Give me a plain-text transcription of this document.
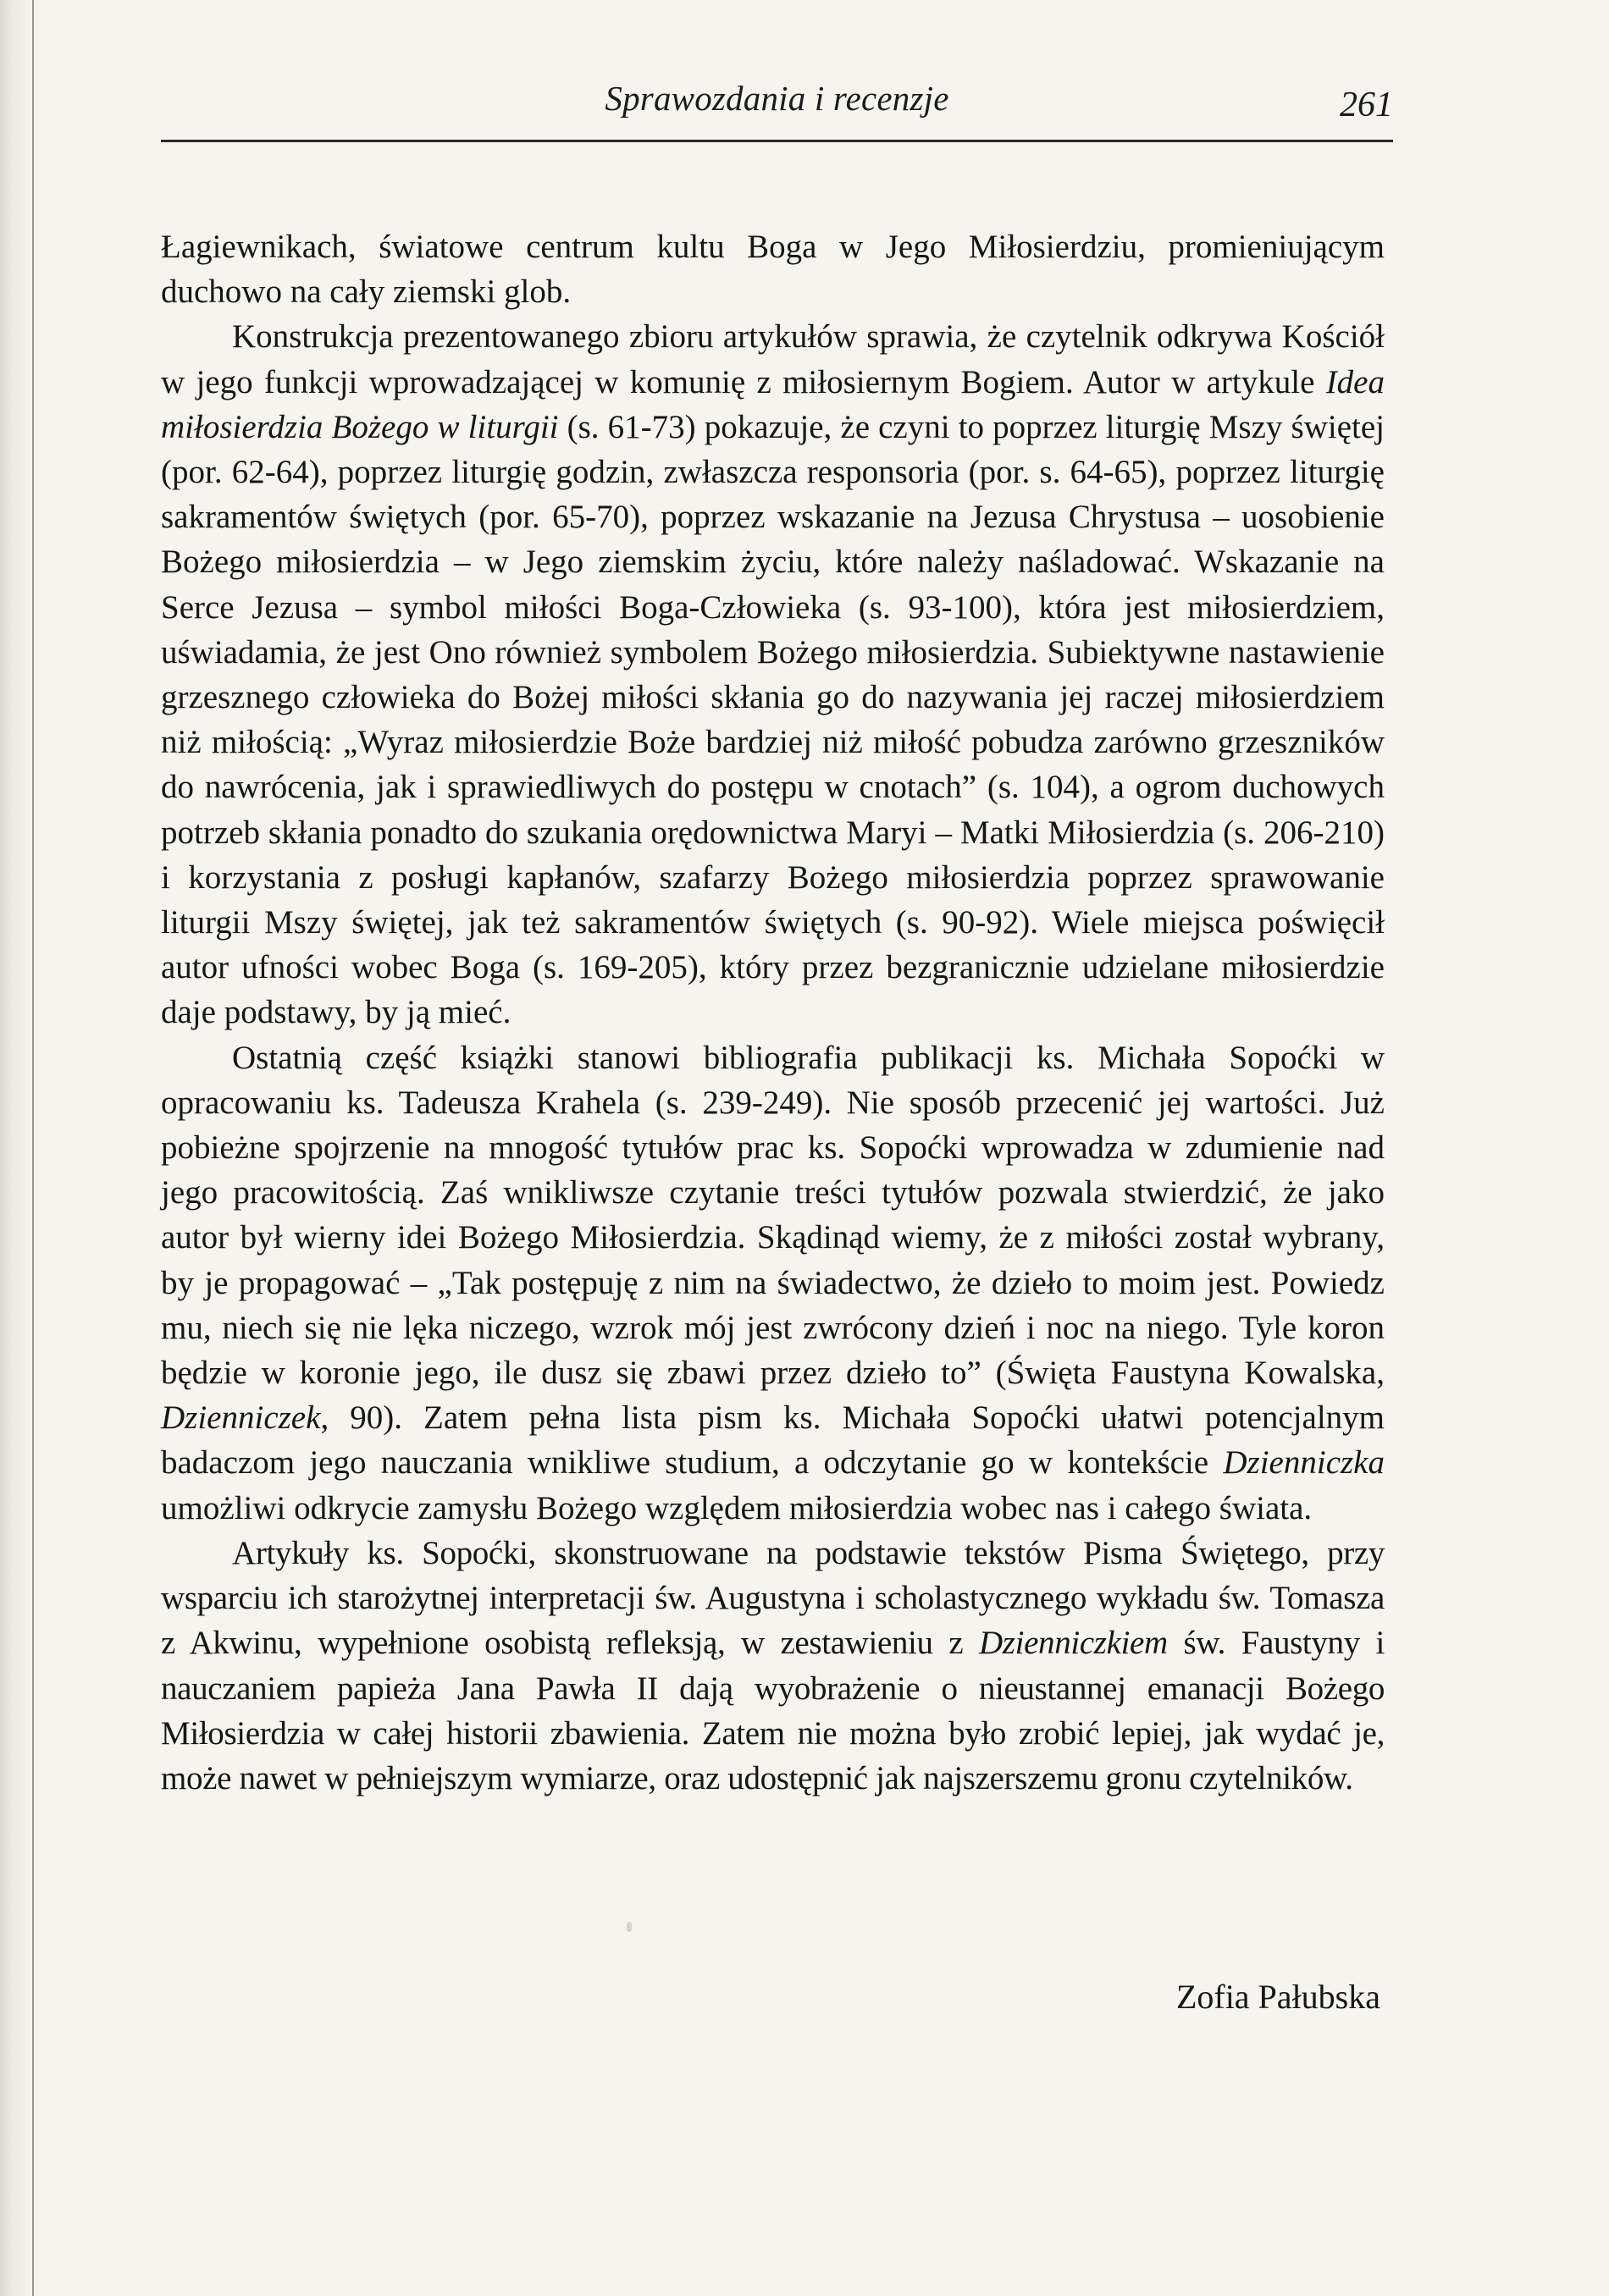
Sprawozdania i recenzje	261

Łagiewnikach, światowe centrum kultu Boga w Jego Miłosierdziu, promieniującym duchowo na cały ziemski glob.

Konstrukcja prezentowanego zbioru artykułów sprawia, że czytelnik odkrywa Kościół w jego funkcji wprowadzającej w komunię z miłosiernym Bogiem. Autor w artykule Idea miłosierdzia Bożego w liturgii (s. 61-73) pokazuje, że czyni to poprzez liturgię Mszy świętej (por. 62-64), poprzez liturgię godzin, zwłaszcza responsoria (por. s. 64-65), poprzez liturgię sakramentów świętych (por. 65-70), poprzez wskazanie na Jezusa Chrystusa – uosobienie Bożego miłosierdzia – w Jego ziemskim życiu, które należy naśladować. Wskazanie na Serce Jezusa – symbol miłości Boga-Człowieka (s. 93-100), która jest miłosierdziem, uświadamia, że jest Ono również symbolem Bożego miłosierdzia. Subiektywne nastawienie grzesznego człowieka do Bożej miłości skłania go do nazywania jej raczej miłosierdziem niż miłością: „Wyraz miłosierdzie Boże bardziej niż miłość pobudza zarówno grzeszników do nawrócenia, jak i sprawiedliwych do postępu w cnotach” (s. 104), a ogrom duchowych potrzeb skłania ponadto do szukania orędownictwa Maryi – Matki Miłosierdzia (s. 206-210) i korzystania z posługi kapłanów, szafarzy Bożego miłosierdzia poprzez sprawowanie liturgii Mszy świętej, jak też sakramentów świętych (s. 90-92). Wiele miejsca poświęcił autor ufności wobec Boga (s. 169-205), który przez bezgranicznie udzielane miłosierdzie daje podstawy, by ją mieć.

Ostatnią część książki stanowi bibliografia publikacji ks. Michała Sopoćki w opracowaniu ks. Tadeusza Krahela (s. 239-249). Nie sposób przecenić jej wartości. Już pobieżne spojrzenie na mnogość tytułów prac ks. Sopoćki wprowadza w zdumienie nad jego pracowitością. Zaś wnikliwsze czytanie treści tytułów pozwala stwierdzić, że jako autor był wierny idei Bożego Miłosierdzia. Skądinąd wiemy, że z miłości został wybrany, by je propagować – „Tak postępuję z nim na świadectwo, że dzieło to moim jest. Powiedz mu, niech się nie lęka niczego, wzrok mój jest zwrócony dzień i noc na niego. Tyle koron będzie w koronie jego, ile dusz się zbawi przez dzieło to” (Święta Faustyna Kowalska, Dzienniczek, 90). Zatem pełna lista pism ks. Michała Sopoćki ułatwi potencjalnym badaczom jego nauczania wnikliwe studium, a odczytanie go w kontekście Dzienniczka umożliwi odkrycie zamysłu Bożego względem miłosierdzia wobec nas i całego świata.

Artykuły ks. Sopoćki, skonstruowane na podstawie tekstów Pisma Świętego, przy wsparciu ich starożytnej interpretacji św. Augustyna i scholastycznego wykładu św. Tomasza z Akwinu, wypełnione osobistą refleksją, w zestawieniu z Dzienniczkiem św. Faustyny i nauczaniem papieża Jana Pawła II dają wyobrażenie o nieustannej emanacji Bożego Miłosierdzia w całej historii zbawienia. Zatem nie można było zrobić lepiej, jak wydać je, może nawet w pełniejszym wymiarze, oraz udostępnić jak najszerszemu gronu czytelników.

Zofia Pałubska
